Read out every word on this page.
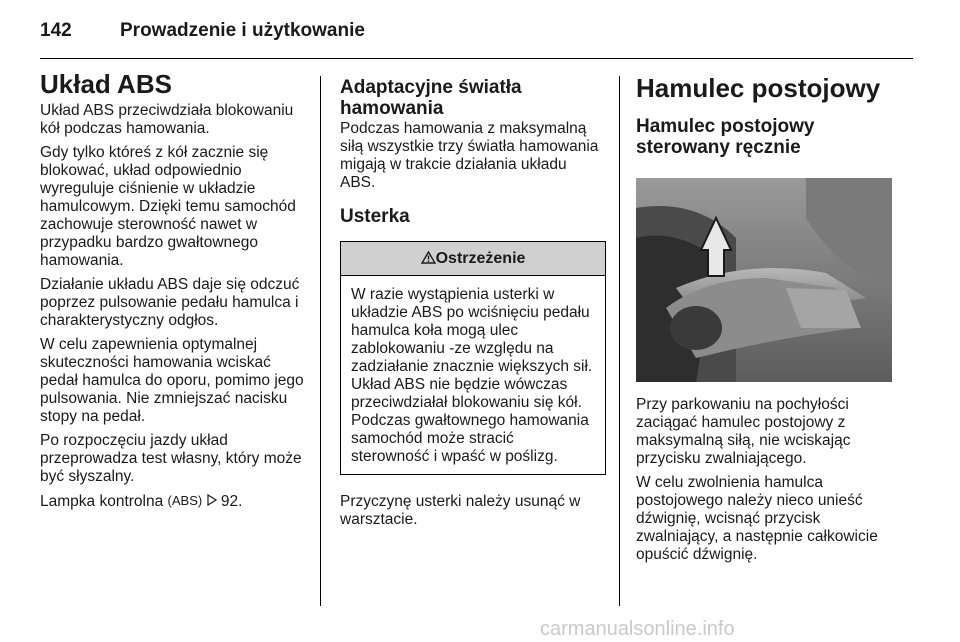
142	Prowadzenie i użytkowanie
Układ ABS

Układ ABS przeciwdziała blokowaniu kół podczas hamowania.

Gdy tylko któreś z kół zacznie się blokować, układ odpowiednio wyreguluje ciśnienie w układzie hamulcowym. Dzięki temu samochód zachowuje sterowność nawet w przypadku bardzo gwałtownego hamowania.

Działanie układu ABS daje się odczuć poprzez pulsowanie pedału hamulca i charakterystyczny odgłos.

W celu zapewnienia optymalnej skuteczności hamowania wciskać pedał hamulca do oporu, pomimo jego pulsowania. Nie zmniejszać nacisku stopy na pedał.

Po rozpoczęciu jazdy układ przeprowadza test własny, który może być słyszalny.

Lampka kontrolna (ABS) 92.

Adaptacyjne światła hamowania

Podczas hamowania z maksymalną siłą wszystkie trzy światła hamowania migają w trakcie działania układu ABS.

Usterka
Ostrzeżenie

W razie wystąpienia usterki w układzie ABS po wciśnięciu pedału hamulca koła mogą ulec zablokowaniu -ze względu na zadziałanie znacznie większych sił. Układ ABS nie będzie wówczas przeciwdziałał blokowaniu się kół. Podczas gwałtownego hamowania samochód może stracić sterowność i wpaść w poślizg.

Przyczynę usterki należy usunąć w warsztacie.

Hamulec postojowy
Hamulec postojowy sterowany ręcznie

Przy parkowaniu na pochyłości zaciągać hamulec postojowy z maksymalną siłą, nie wciskając przycisku zwalniającego.

W celu zwolnienia hamulca postojowego należy nieco unieść dźwignię, wcisnąć przycisk zwalniający, a następnie całkowicie opuścić dźwignię.

carmanualsonline.info
